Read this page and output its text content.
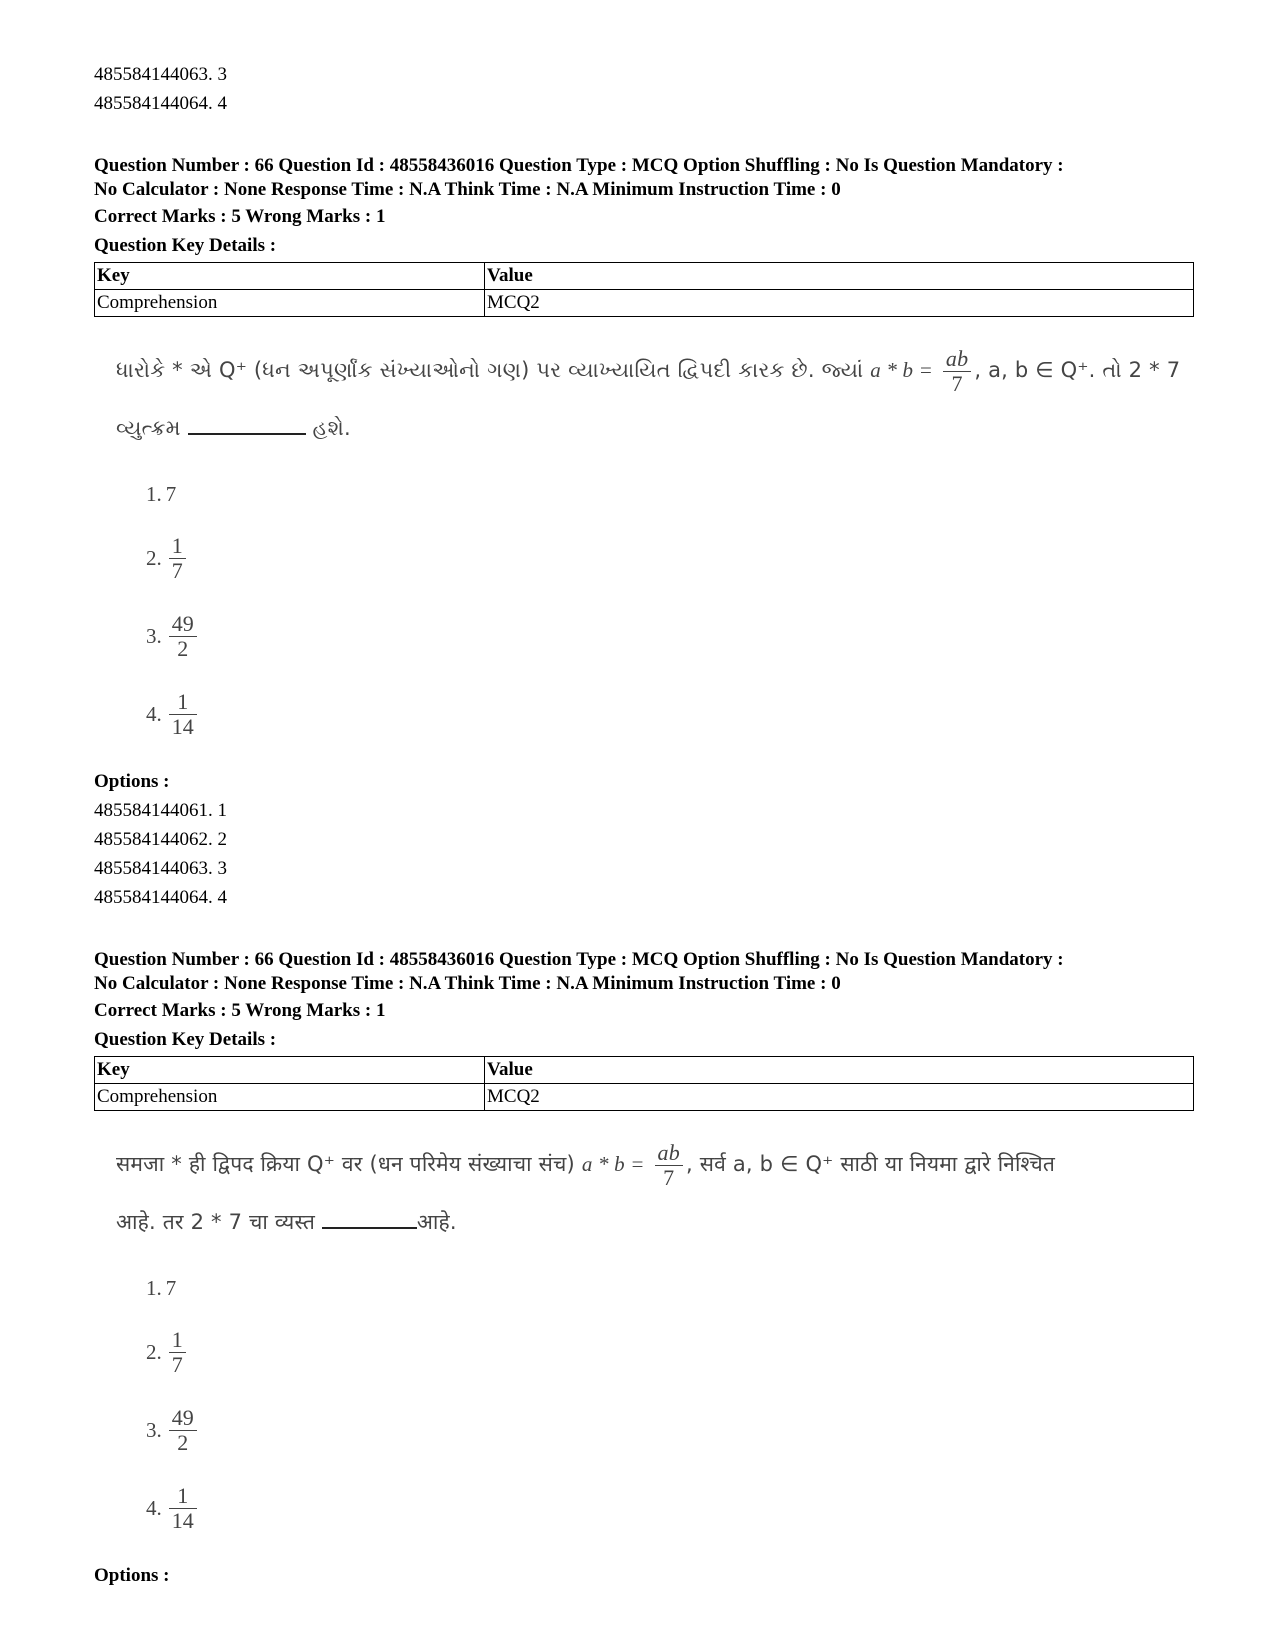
485584144063. 3
485584144064. 4
Question Number : 66 Question Id : 48558436016 Question Type : MCQ Option Shuffling : No Is Question Mandatory :
No Calculator : None Response Time : N.A Think Time : N.A Minimum Instruction Time : 0
Correct Marks : 5 Wrong Marks : 1
Question Key Details :
Key	Value
Comprehension	MCQ2
ધારોકે * એ Q⁺ (ધન અપૂર્ણાંક સંખ્યાઓનો ગણ) પર વ્યાખ્યાયિત દ્વિપદી કારક છે. જ્યાં $a * b = \frac{ab}{7}$ , a, b ∈ Q⁺. તો 2 * 7 વ્યુત્ક્રમ	હશે.
1. 7
2. $\frac{1}{7}$
3. $\frac{49}{2}$
4. $\frac{1}{14}$
Options :
485584144061. 1
485584144062. 2
485584144063. 3
485584144064. 4
Question Number : 66 Question Id : 48558436016 Question Type : MCQ Option Shuffling : No Is Question Mandatory :
No Calculator : None Response Time : N.A Think Time : N.A Minimum Instruction Time : 0
Correct Marks : 5 Wrong Marks : 1
Question Key Details :
Key	Value
Comprehension	MCQ2
समजा * ही द्विपद क्रिया Q⁺ वर (धन परिमेय संख्याचा संच) $a * b = \frac{ab}{7}$ , सर्व a, b ∈ Q⁺ साठी या नियमा द्वारे निश्चित
आहे. तर 2 * 7 चा व्यस्त	आहे.
1. 7
2. $\frac{1}{7}$
3. $\frac{49}{2}$
4. $\frac{1}{14}$
Options :
